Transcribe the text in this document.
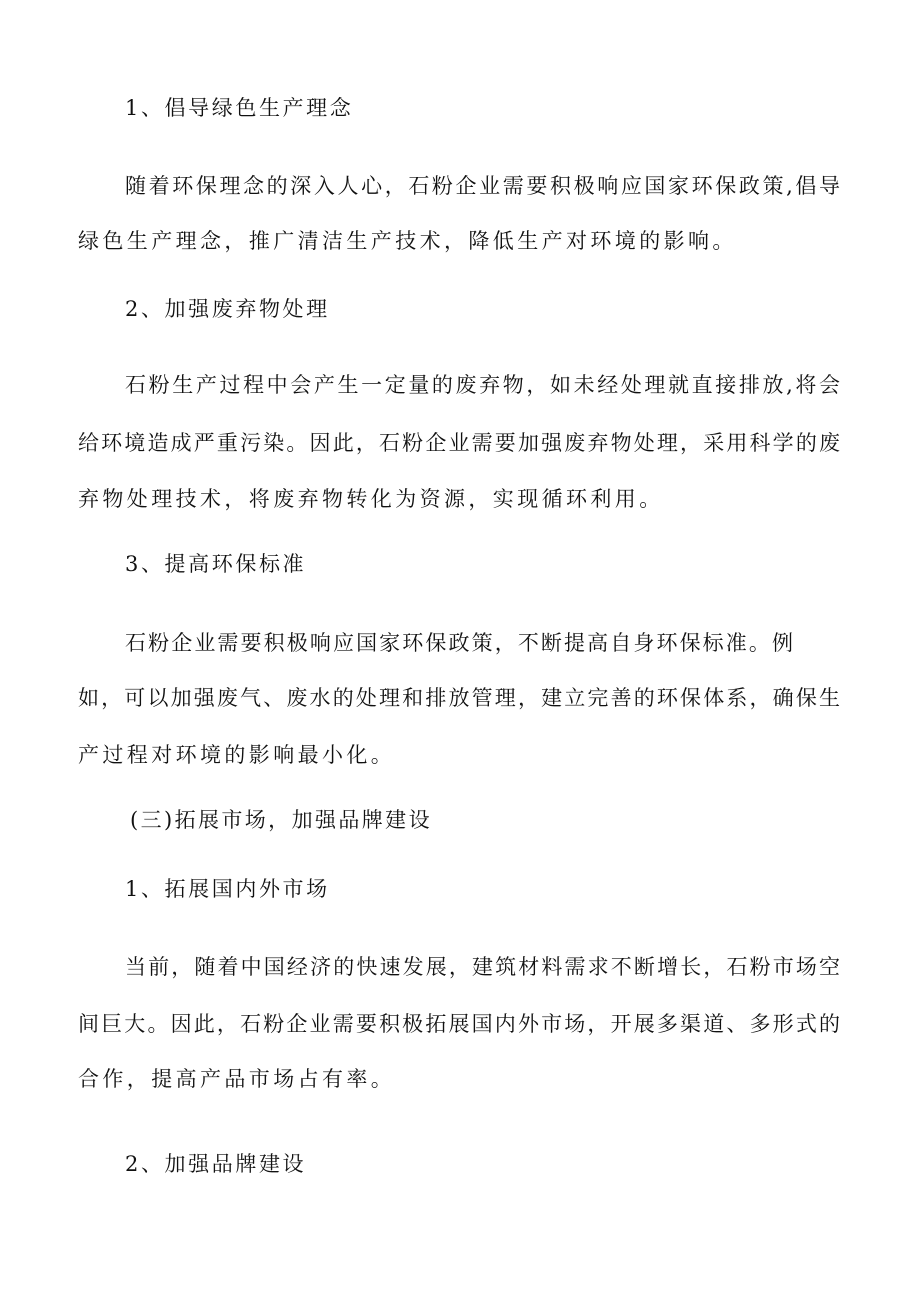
1、倡导绿色生产理念

随着环保理念的深入人心，石粉企业需要积极响应国家环保政策,倡导

绿色生产理念，推广清洁生产技术，降低生产对环境的影响。

2、加强废弃物处理

石粉生产过程中会产生一定量的废弃物，如未经处理就直接排放,将会

给环境造成严重污染。因此，石粉企业需要加强废弃物处理，采用科学的废

弃物处理技术，将废弃物转化为资源，实现循环利用。

3、提高环保标准

石粉企业需要积极响应国家环保政策，不断提高自身环保标准。例

如，可以加强废气、废水的处理和排放管理，建立完善的环保体系，确保生

产过程对环境的影响最小化。

(三)拓展市场，加强品牌建设

1、拓展国内外市场

当前，随着中国经济的快速发展，建筑材料需求不断增长，石粉市场空

间巨大。因此，石粉企业需要积极拓展国内外市场，开展多渠道、多形式的

合作，提高产品市场占有率。

2、加强品牌建设
